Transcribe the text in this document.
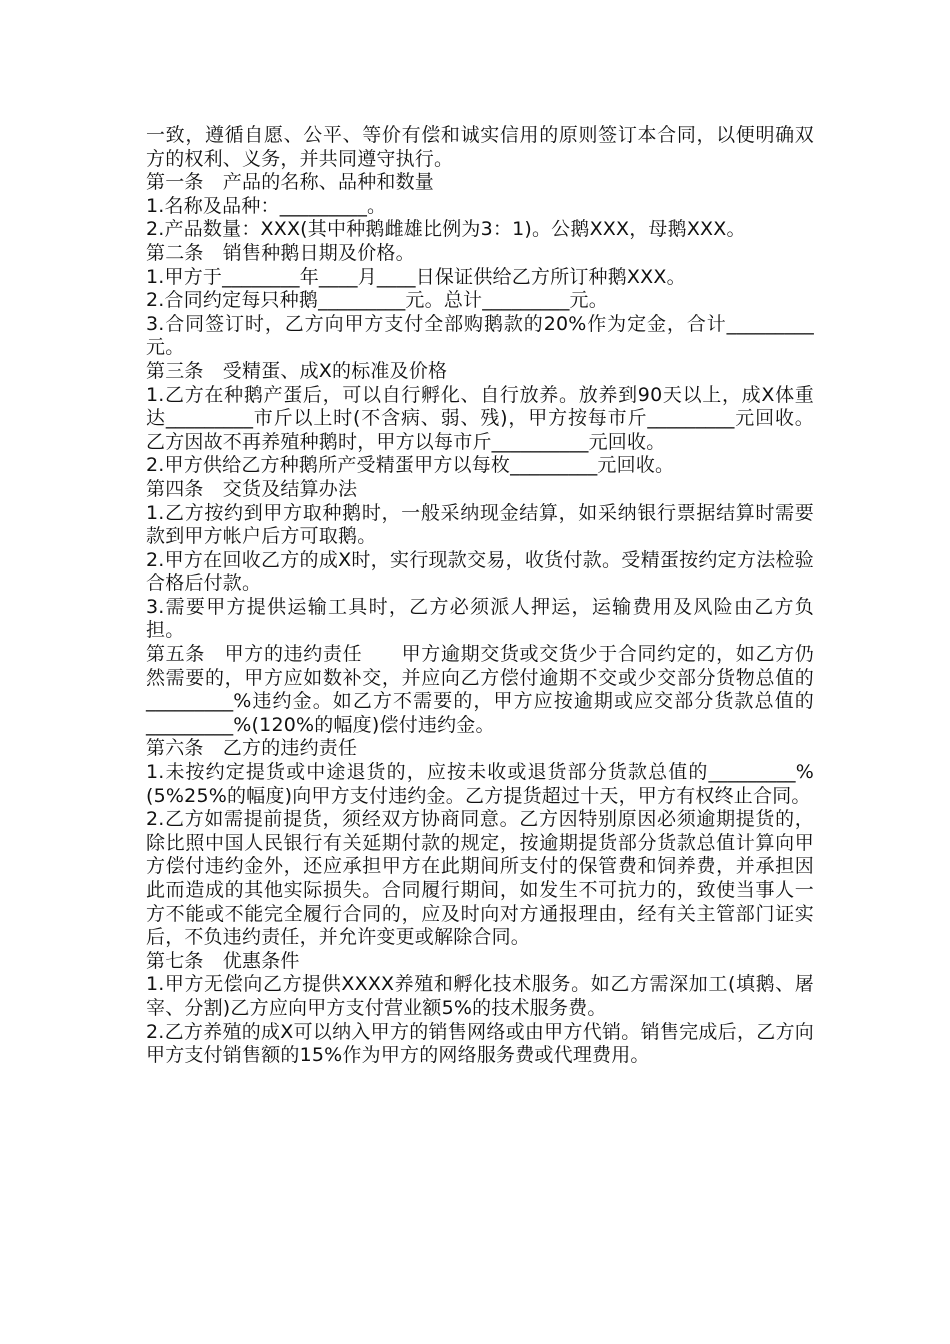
一致，遵循自愿、公平、等价有偿和诚实信用的原则签订本合同，以便明确双方的权利、义务，并共同遵守执行。

第一条　产品的名称、品种和数量

1.名称及品种：_________。

2.产品数量：XXX(其中种鹅雌雄比例为3：1)。公鹅XXX，母鹅XXX。

第二条　销售种鹅日期及价格。

1.甲方于________年____月____日保证供给乙方所订种鹅XXX。

2.合同约定每只种鹅_________元。总计_________元。

3.合同签订时，乙方向甲方支付全部购鹅款的20%作为定金，合计_________元。

第三条　受精蛋、成X的标准及价格

1.乙方在种鹅产蛋后，可以自行孵化、自行放养。放养到90天以上，成X体重达_________市斤以上时(不含病、弱、残)，甲方按每市斤_________元回收。乙方因故不再养殖种鹅时，甲方以每市斤__________元回收。

2.甲方供给乙方种鹅所产受精蛋甲方以每枚_________元回收。

第四条　交货及结算办法

1.乙方按约到甲方取种鹅时，一般采纳现金结算，如采纳银行票据结算时需要款到甲方帐户后方可取鹅。

2.甲方在回收乙方的成X时，实行现款交易，收货付款。受精蛋按约定方法检验合格后付款。

3.需要甲方提供运输工具时，乙方必须派人押运，运输费用及风险由乙方负担。

第五条　甲方的违约责任　　甲方逾期交货或交货少于合同约定的，如乙方仍然需要的，甲方应如数补交，并应向乙方偿付逾期不交或少交部分货物总值的_________%违约金。如乙方不需要的，甲方应按逾期或应交部分货款总值的_________%(120%的幅度)偿付违约金。

第六条　乙方的违约责任

1.未按约定提货或中途退货的，应按未收或退货部分货款总值的_________%(5%25%的幅度)向甲方支付违约金。乙方提货超过十天，甲方有权终止合同。

2.乙方如需提前提货，须经双方协商同意。乙方因特别原因必须逾期提货的，除比照中国人民银行有关延期付款的规定，按逾期提货部分货款总值计算向甲方偿付违约金外，还应承担甲方在此期间所支付的保管费和饲养费，并承担因此而造成的其他实际损失。合同履行期间，如发生不可抗力的，致使当事人一方不能或不能完全履行合同的，应及时向对方通报理由，经有关主管部门证实后，不负违约责任，并允许变更或解除合同。

第七条　优惠条件

1.甲方无偿向乙方提供XXXX养殖和孵化技术服务。如乙方需深加工(填鹅、屠宰、分割)乙方应向甲方支付营业额5%的技术服务费。

2.乙方养殖的成X可以纳入甲方的销售网络或由甲方代销。销售完成后，乙方向甲方支付销售额的15%作为甲方的网络服务费或代理费用。
